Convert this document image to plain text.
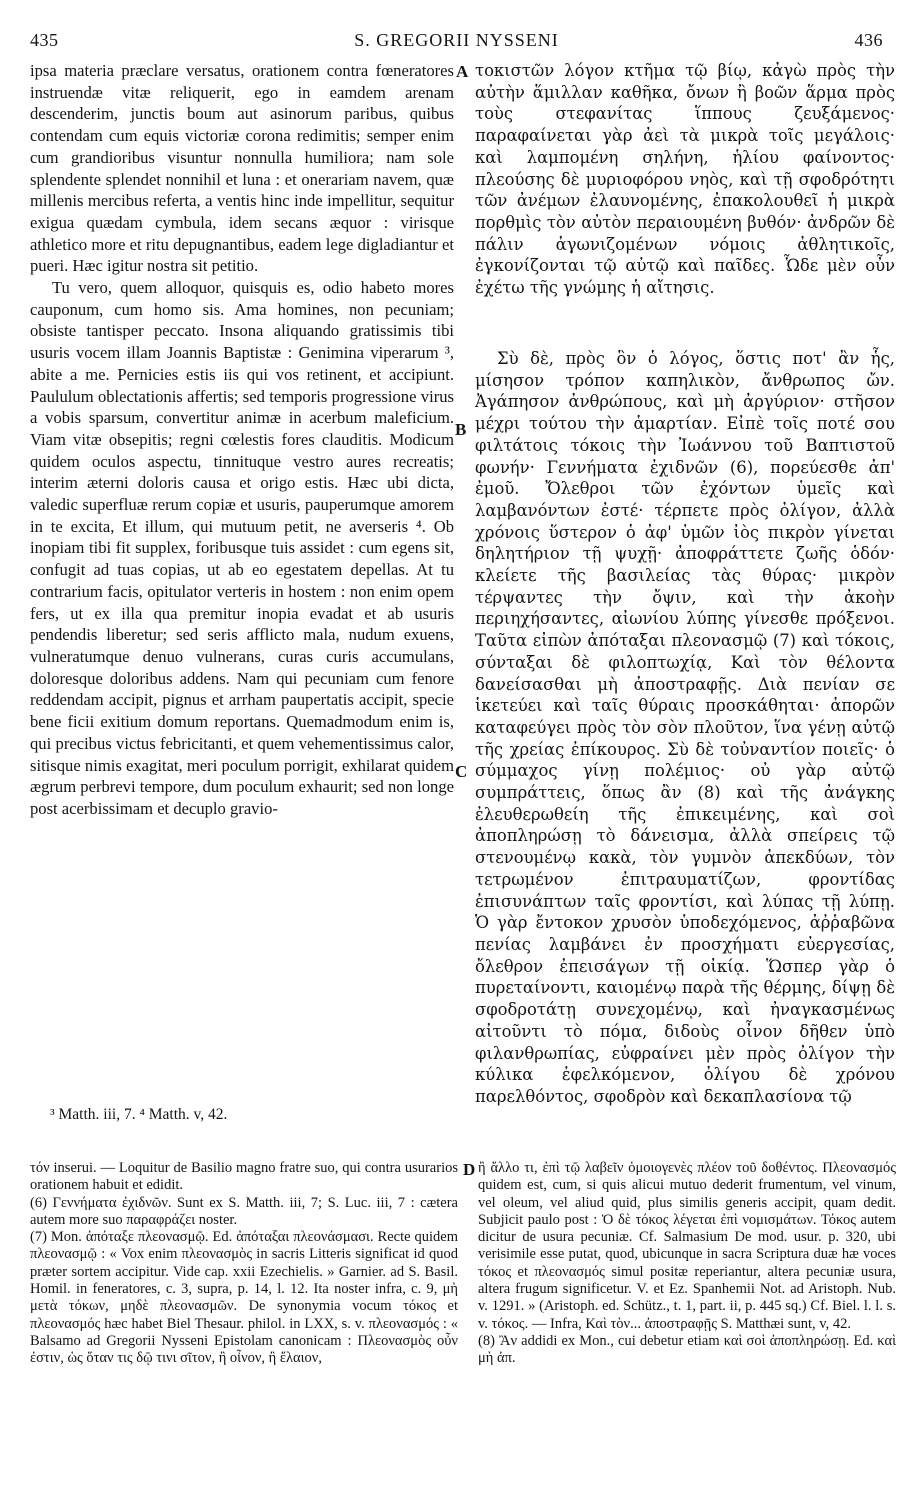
435	S. GREGORII NYSSENI	436
A
B
C
D

ipsa materia præclare versatus, orationem contra fœneratores instruendæ vitæ reliquerit, ego in eamdem arenam descenderim, junctis boum aut asinorum paribus, quibus contendam cum equis victoriæ corona redimitis; semper enim cum grandioribus visuntur nonnulla humiliora; nam sole splendente splendet nonnihil et luna : et onerariam navem, quæ millenis mercibus referta, a ventis hinc inde impellitur, sequitur exigua quædam cymbula, idem secans æquor : virisque athletico more et ritu depugnantibus, eadem lege digladiantur et pueri. Hæc igitur nostra sit petitio.

Tu vero, quem alloquor, quisquis es, odio habeto mores cauponum, cum homo sis. Ama homines, non pecuniam; obsiste tantisper peccato. Insona aliquando gratissimis tibi usuris vocem illam Joannis Baptistæ : Genimina viperarum ³, abite a me. Pernicies estis iis qui vos retinent, et accipiunt. Paululum oblectationis affertis; sed temporis progressione virus a vobis sparsum, convertitur animæ in acerbum maleficium. Viam vitæ obsepitis; regni cœlestis fores clauditis. Modicum quidem oculos aspectu, tinnituque vestro aures recreatis; interim æterni doloris causa et origo estis. Hæc ubi dicta, valedic superfluæ rerum copiæ et usuris, pauperumque amorem in te excita, Et illum, qui mutuum petit, ne averseris ⁴. Ob inopiam tibi fit supplex, foribusque tuis assidet : cum egens sit, confugit ad tuas copias, ut ab eo egestatem depellas. At tu contrarium facis, opitulator verteris in hostem : non enim opem fers, ut ex illa qua premitur inopia evadat et ab usuris pendendis liberetur; sed seris afflicto mala, nudum exuens, vulneratumque denuo vulnerans, curas curis accumulans, doloresque doloribus addens. Nam qui pecuniam cum fenore reddendam accipit, pignus et arrham paupertatis accipit, specie bene ficii exitium domum reportans. Quemadmodum enim is, qui precibus victus febricitanti, et quem vehementissimus calor, sitisque nimis exagitat, meri poculum porrigit, exhilarat quidem ægrum perbrevi tempore, dum poculum exhaurit; sed non longe post acerbissimam et decuplo gravio-

τοκιστῶν λόγον κτῆμα τῷ βίῳ, κἀγὼ πρὸς τὴν αὐτὴν ἅμιλλαν καθῆκα, ὄνων ἢ βοῶν ἅρμα πρὸς τοὺς στεφανίτας ἵππους ζευξάμενος· παραφαίνεται γὰρ ἀεὶ τὰ μικρὰ τοῖς μεγάλοις· καὶ λαμπομένη σηλήνη, ἡλίου φαίνοντος· πλεούσης δὲ μυριοφόρου νηὸς, καὶ τῇ σφοδρότητι τῶν ἀνέμων ἐλαυνομένης, ἐπακολουθεῖ ἡ μικρὰ πορθμὶς τὸν αὐτὸν περαιουμένη βυθόν· ἀνδρῶν δὲ πάλιν ἀγωνιζομένων νόμοις ἀθλητικοῖς, ἐγκονίζονται τῷ αὐτῷ καὶ παῖδες. Ὧδε μὲν οὖν ἐχέτω τῆς γνώμης ἡ αἴτησις.

Σὺ δὲ, πρὸς ὃν ὁ λόγος, ὅστις ποτ' ἂν ἧς, μίσησον τρόπον καπηλικὸν, ἄνθρωπος ὤν. Ἀγάπησον ἀνθρώπους, καὶ μὴ ἀργύριον· στῆσον μέχρι τούτου τὴν ἁμαρτίαν. Εἰπὲ τοῖς ποτέ σου φιλτάτοις τόκοις τὴν Ἰωάννου τοῦ Βαπτιστοῦ φωνήν· Γεννήματα ἐχιδνῶν (6), πορεύεσθε ἀπ' ἐμοῦ. Ὄλεθροι τῶν ἐχόντων ὑμεῖς καὶ λαμβανόντων ἐστέ· τέρπετε πρὸς ὀλίγον, ἀλλὰ χρόνοις ὕστερον ὁ ἀφ' ὑμῶν ἰὸς πικρὸν γίνεται δηλητήριον τῇ ψυχῇ· ἀποφράττετε ζωῆς ὁδόν· κλείετε τῆς βασιλείας τὰς θύρας· μικρὸν τέρψαντες τὴν ὄψιν, καὶ τὴν ἀκοὴν περιηχήσαντες, αἰωνίου λύπης γίνεσθε πρόξενοι. Ταῦτα εἰπὼν ἀπόταξαι πλεονασμῷ (7) καὶ τόκοις, σύνταξαι δὲ φιλοπτωχίᾳ, Καὶ τὸν θέλοντα δανείσασθαι μὴ ἀποστραφῇς. Διὰ πενίαν σε ἱκετεύει καὶ ταῖς θύραις προσκάθηται· ἀπορῶν καταφεύγει πρὸς τὸν σὸν πλοῦτον, ἵνα γένῃ αὐτῷ τῆς χρείας ἐπίκουρος. Σὺ δὲ τοὐναντίον ποιεῖς· ὁ σύμμαχος γίνῃ πολέμιος· οὐ γὰρ αὐτῷ συμπράττεις, ὅπως ἂν (8) καὶ τῆς ἀνάγκης ἐλευθερωθείη τῆς ἐπικειμένης, καὶ σοὶ ἀποπληρώσῃ τὸ δάνεισμα, ἀλλὰ σπείρεις τῷ στενουμένῳ κακὰ, τὸν γυμνὸν ἀπεκδύων, τὸν τετρωμένον ἐπιτραυματίζων, φροντίδας ἐπισυνάπτων ταῖς φροντίσι, καὶ λύπας τῇ λύπῃ. Ὁ γὰρ ἔντοκον χρυσὸν ὑποδεχόμενος, ἀῤῥαβῶνα πενίας λαμβάνει ἐν προσχήματι εὐεργεσίας, ὄλεθρον ἐπεισάγων τῇ οἰκίᾳ. Ὥσπερ γὰρ ὁ πυρεταίνοντι, καιομένῳ παρὰ τῆς θέρμης, δίψῃ δὲ σφοδροτάτῃ συνεχομένῳ, καὶ ἠναγκασμένως αἰτοῦντι τὸ πόμα, διδοὺς οἶνον δῆθεν ὑπὸ φιλανθρωπίας, εὐφραίνει μὲν πρὸς ὀλίγον τὴν κύλικα ἐφελκόμενον, ὀλίγου δὲ χρόνου παρελθόντος, σφοδρὸν καὶ δεκαπλασίονα τῷ

³ Matth. iii, 7. ⁴ Matth. v, 42.

τόν inserui. — Loquitur de Basilio magno fratre suo, qui contra usurarios orationem habuit et edidit.

(6) Γεννήματα ἐχιδνῶν. Sunt ex S. Matth. iii, 7; S. Luc. iii, 7 : cætera autem more suo παραφράζει noster.

(7) Mon. ἀπόταξε πλεονασμῷ. Ed. ἀπόταξαι πλεονάσμασι. Recte quidem πλεονασμῷ : « Vox enim πλεονασμὸς in sacris Litteris significat id quod præter sortem accipitur. Vide cap. xxii Ezechielis. » Garnier. ad S. Basil. Homil. in feneratores, c. 3, supra, p. 14, l. 12. Ita noster infra, c. 9, μὴ μετὰ τόκων, μηδὲ πλεονασμῶν. De synonymia vocum τόκος et πλεονασμός hæc habet Biel Thesaur. philol. in LXX, s. v. πλεονασμός : « Balsamo ad Gregorii Nysseni Epistolam canonicam : Πλεονασμὸς οὖν ἐστιν, ὡς ὅταν τις δῷ τινι σῖτον, ἢ οἶνον, ἢ ἔλαιον,

ἢ ἄλλο τι, ἐπὶ τῷ λαβεῖν ὁμοιογενὲς πλέον τοῦ δοθέντος. Πλεονασμός quidem est, cum, si quis alicui mutuo dederit frumentum, vel vinum, vel oleum, vel aliud quid, plus similis generis accipit, quam dedit. Subjicit paulo post : Ὁ δὲ τόκος λέγεται ἐπὶ νομισμάτων. Τόκος autem dicitur de usura pecuniæ. Cf. Salmasium De mod. usur. p. 320, ubi verisimile esse putat, quod, ubicunque in sacra Scriptura duæ hæ voces τόκος et πλεονασμός simul positæ reperiantur, altera pecuniæ usura, altera frugum significetur. V. et Ez. Spanhemii Not. ad Aristoph. Nub. v. 1291. » (Aristoph. ed. Schütz., t. 1, part. ii, p. 445 sq.) Cf. Biel. l. l. s. v. τόκος. — Infra, Καὶ τὸν... ἀποστραφῇς S. Matthæi sunt, v, 42.

(8) Ἂν addidi ex Mon., cui debetur etiam καὶ σοὶ ἀποπληρώσῃ. Ed. καὶ μὴ ἀπ.
